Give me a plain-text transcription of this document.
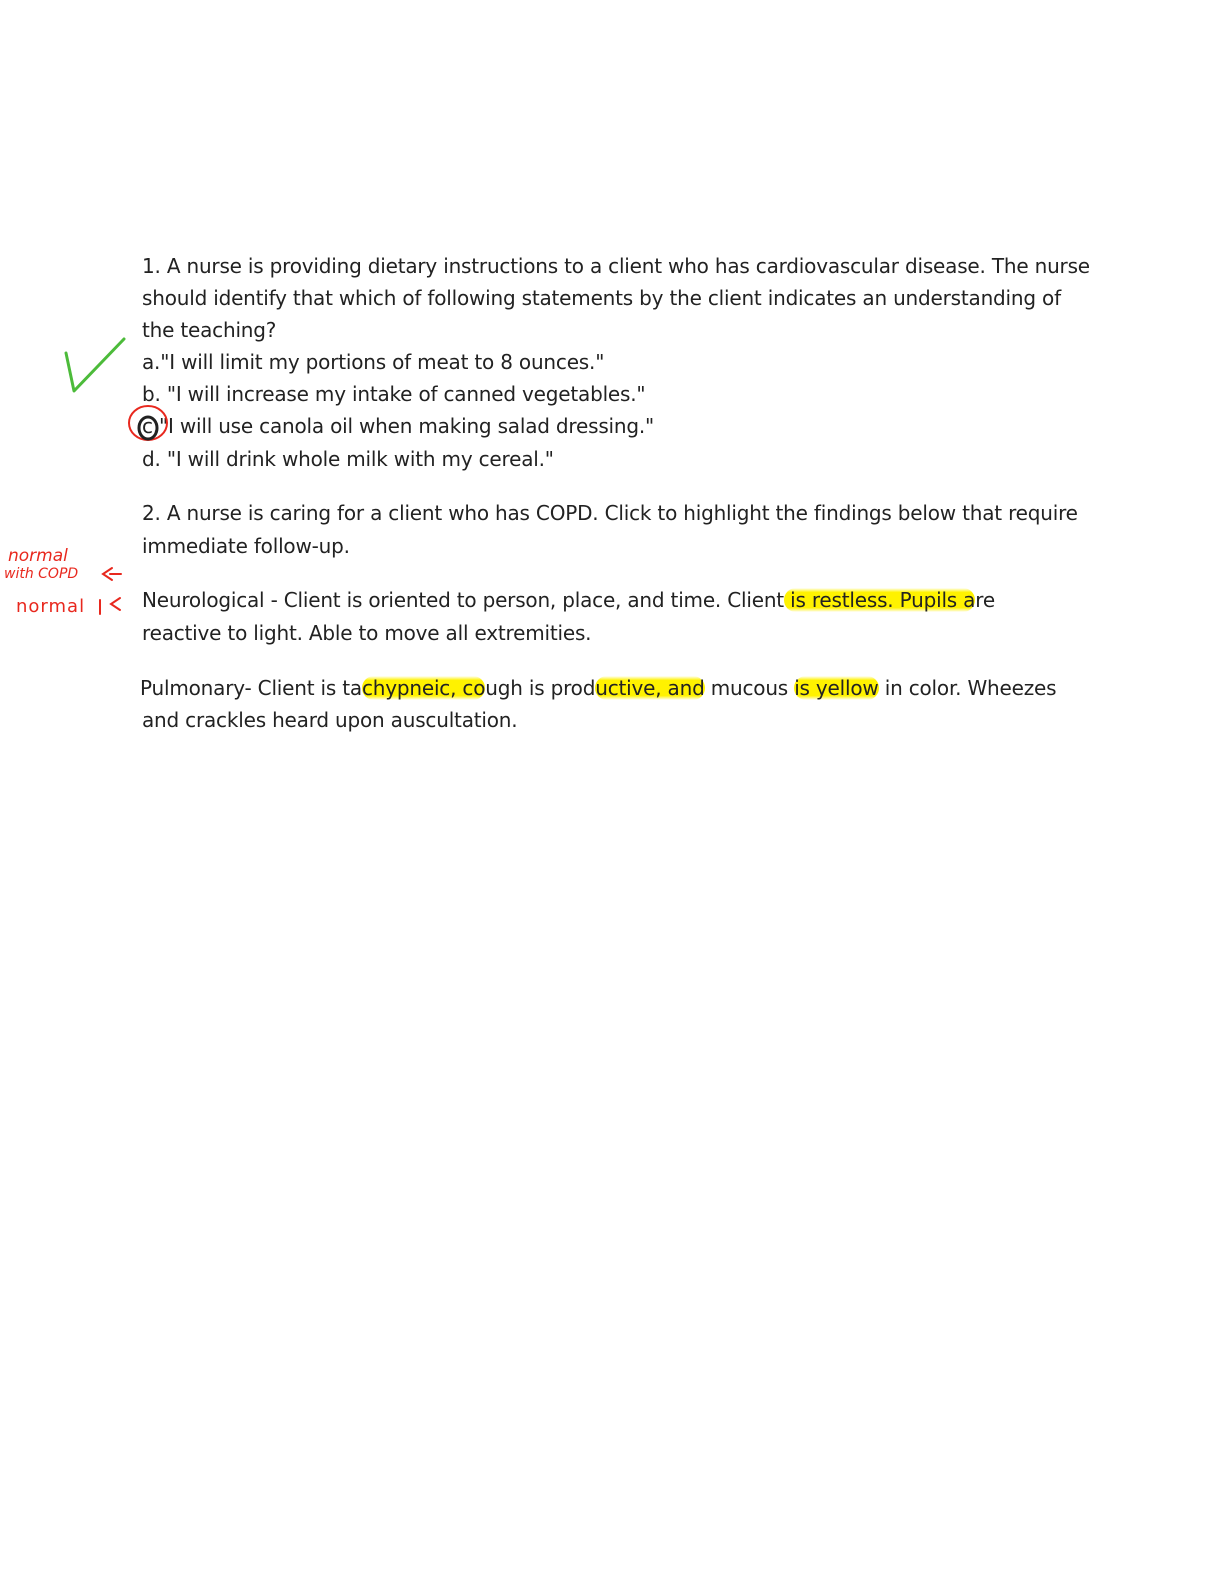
1. A nurse is providing dietary instructions to a client who has cardiovascular disease. The nurse
should identify that which of following statements by the client indicates an understanding of
the teaching?
a."I will limit my portions of meat to 8 ounces."
b. "I will increase my intake of canned vegetables."
c."I will use canola oil when making salad dressing."
d. "I will drink whole milk with my cereal."
2. A nurse is caring for a client who has COPD. Click to highlight the findings below that require
immediate follow-up.
Neurological - Client is oriented to person, place, and time. Client is restless. Pupils are
reactive to light. Able to move all extremities.
Pulmonary- Client is tachypneic, cough is productive, and mucous is yellow in color. Wheezes
and crackles heard upon auscultation.
normal
with COPD
normal
